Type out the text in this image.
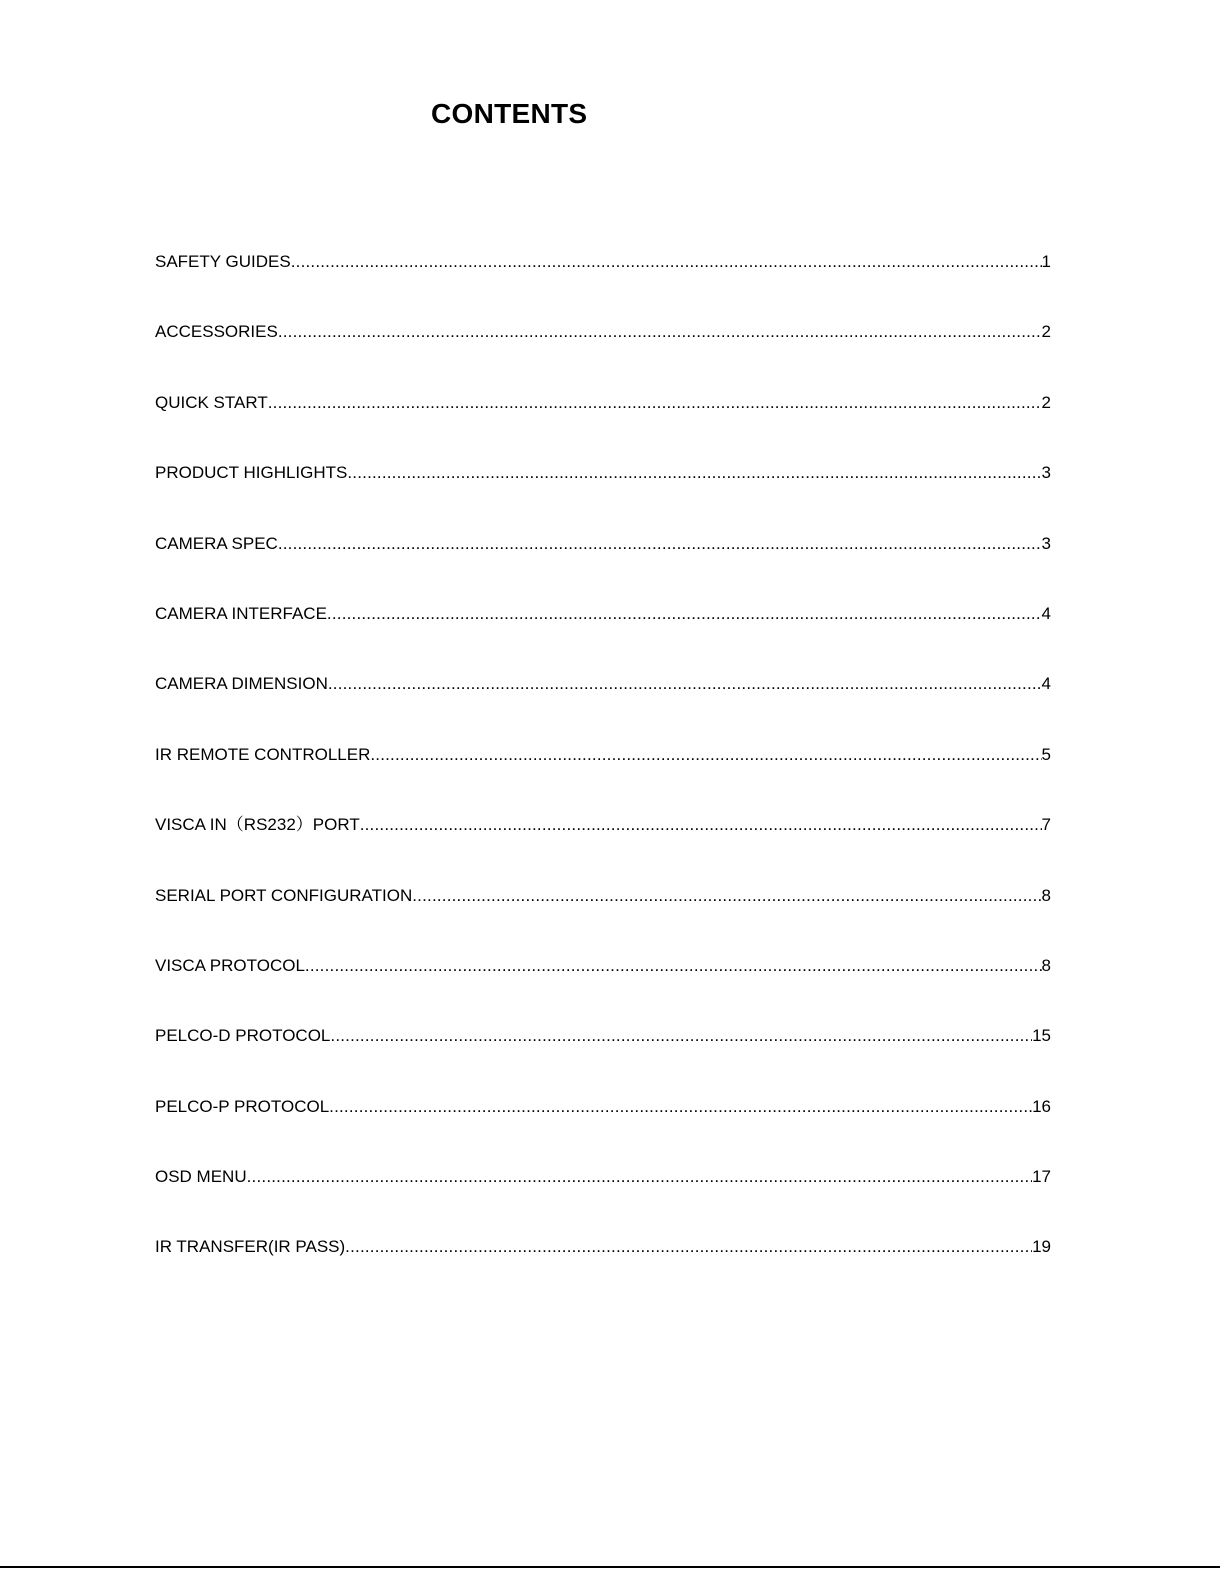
CONTENTS
SAFETY GUIDES .....	1
ACCESSORIES .....	2
QUICK START .....	2
PRODUCT HIGHLIGHTS .....	3
CAMERA SPEC .....	3
CAMERA INTERFACE .....	4
CAMERA DIMENSION .....	4
IR REMOTE CONTROLLER .....	5
VISCA IN（RS232）PORT .....	7
SERIAL PORT CONFIGURATION .....	8
VISCA PROTOCOL .....	8
PELCO-D PROTOCOL .....	15
PELCO-P PROTOCOL .....	16
OSD MENU .....	17
IR TRANSFER(IR PASS) .....	19
